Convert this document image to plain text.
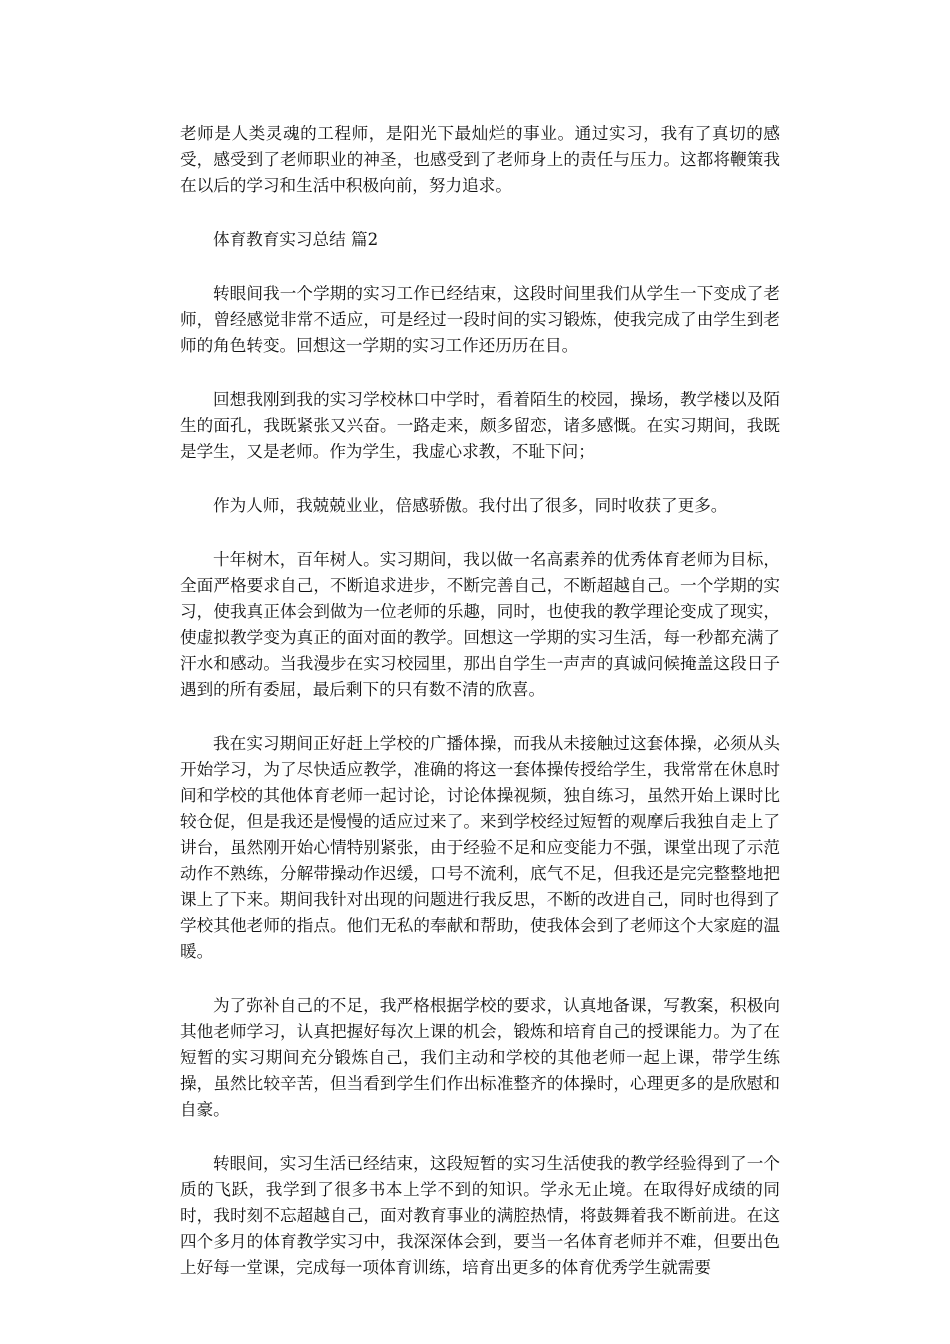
老师是人类灵魂的工程师，是阳光下最灿烂的事业。通过实习，我有了真切的感受，感受到了老师职业的神圣，也感受到了老师身上的责任与压力。这都将鞭策我在以后的学习和生活中积极向前，努力追求。

体育教育实习总结 篇2

转眼间我一个学期的实习工作已经结束，这段时间里我们从学生一下变成了老师，曾经感觉非常不适应，可是经过一段时间的实习锻炼，使我完成了由学生到老师的角色转变。回想这一学期的实习工作还历历在目。

回想我刚到我的实习学校林口中学时，看着陌生的校园，操场，教学楼以及陌生的面孔，我既紧张又兴奋。一路走来，颇多留恋，诸多感慨。在实习期间，我既是学生，又是老师。作为学生，我虚心求教，不耻下问；

作为人师，我兢兢业业，倍感骄傲。我付出了很多，同时收获了更多。

十年树木，百年树人。实习期间，我以做一名高素养的优秀体育老师为目标，全面严格要求自己，不断追求进步，不断完善自己，不断超越自己。一个学期的实习，使我真正体会到做为一位老师的乐趣，同时，也使我的教学理论变成了现实，使虚拟教学变为真正的面对面的教学。回想这一学期的实习生活，每一秒都充满了汗水和感动。当我漫步在实习校园里，那出自学生一声声的真诚问候掩盖这段日子遇到的所有委屈，最后剩下的只有数不清的欣喜。

我在实习期间正好赶上学校的广播体操，而我从未接触过这套体操，必须从头开始学习，为了尽快适应教学，准确的将这一套体操传授给学生，我常常在休息时间和学校的其他体育老师一起讨论，讨论体操视频，独自练习，虽然开始上课时比较仓促，但是我还是慢慢的适应过来了。来到学校经过短暂的观摩后我独自走上了讲台，虽然刚开始心情特别紧张，由于经验不足和应变能力不强，课堂出现了示范动作不熟练，分解带操动作迟缓，口号不流利，底气不足，但我还是完完整整地把课上了下来。期间我针对出现的问题进行我反思，不断的改进自己，同时也得到了学校其他老师的指点。他们无私的奉献和帮助，使我体会到了老师这个大家庭的温暖。

为了弥补自己的不足，我严格根据学校的要求，认真地备课，写教案，积极向其他老师学习，认真把握好每次上课的机会，锻炼和培育自己的授课能力。为了在短暂的实习期间充分锻炼自己，我们主动和学校的其他老师一起上课，带学生练操，虽然比较辛苦，但当看到学生们作出标准整齐的体操时，心理更多的是欣慰和自豪。

转眼间，实习生活已经结束，这段短暂的实习生活使我的教学经验得到了一个质的飞跃，我学到了很多书本上学不到的知识。学永无止境。在取得好成绩的同时，我时刻不忘超越自己，面对教育事业的满腔热情，将鼓舞着我不断前进。在这四个多月的体育教学实习中，我深深体会到，要当一名体育老师并不难，但要出色上好每一堂课，完成每一项体育训练，培育出更多的体育优秀学生就需要
